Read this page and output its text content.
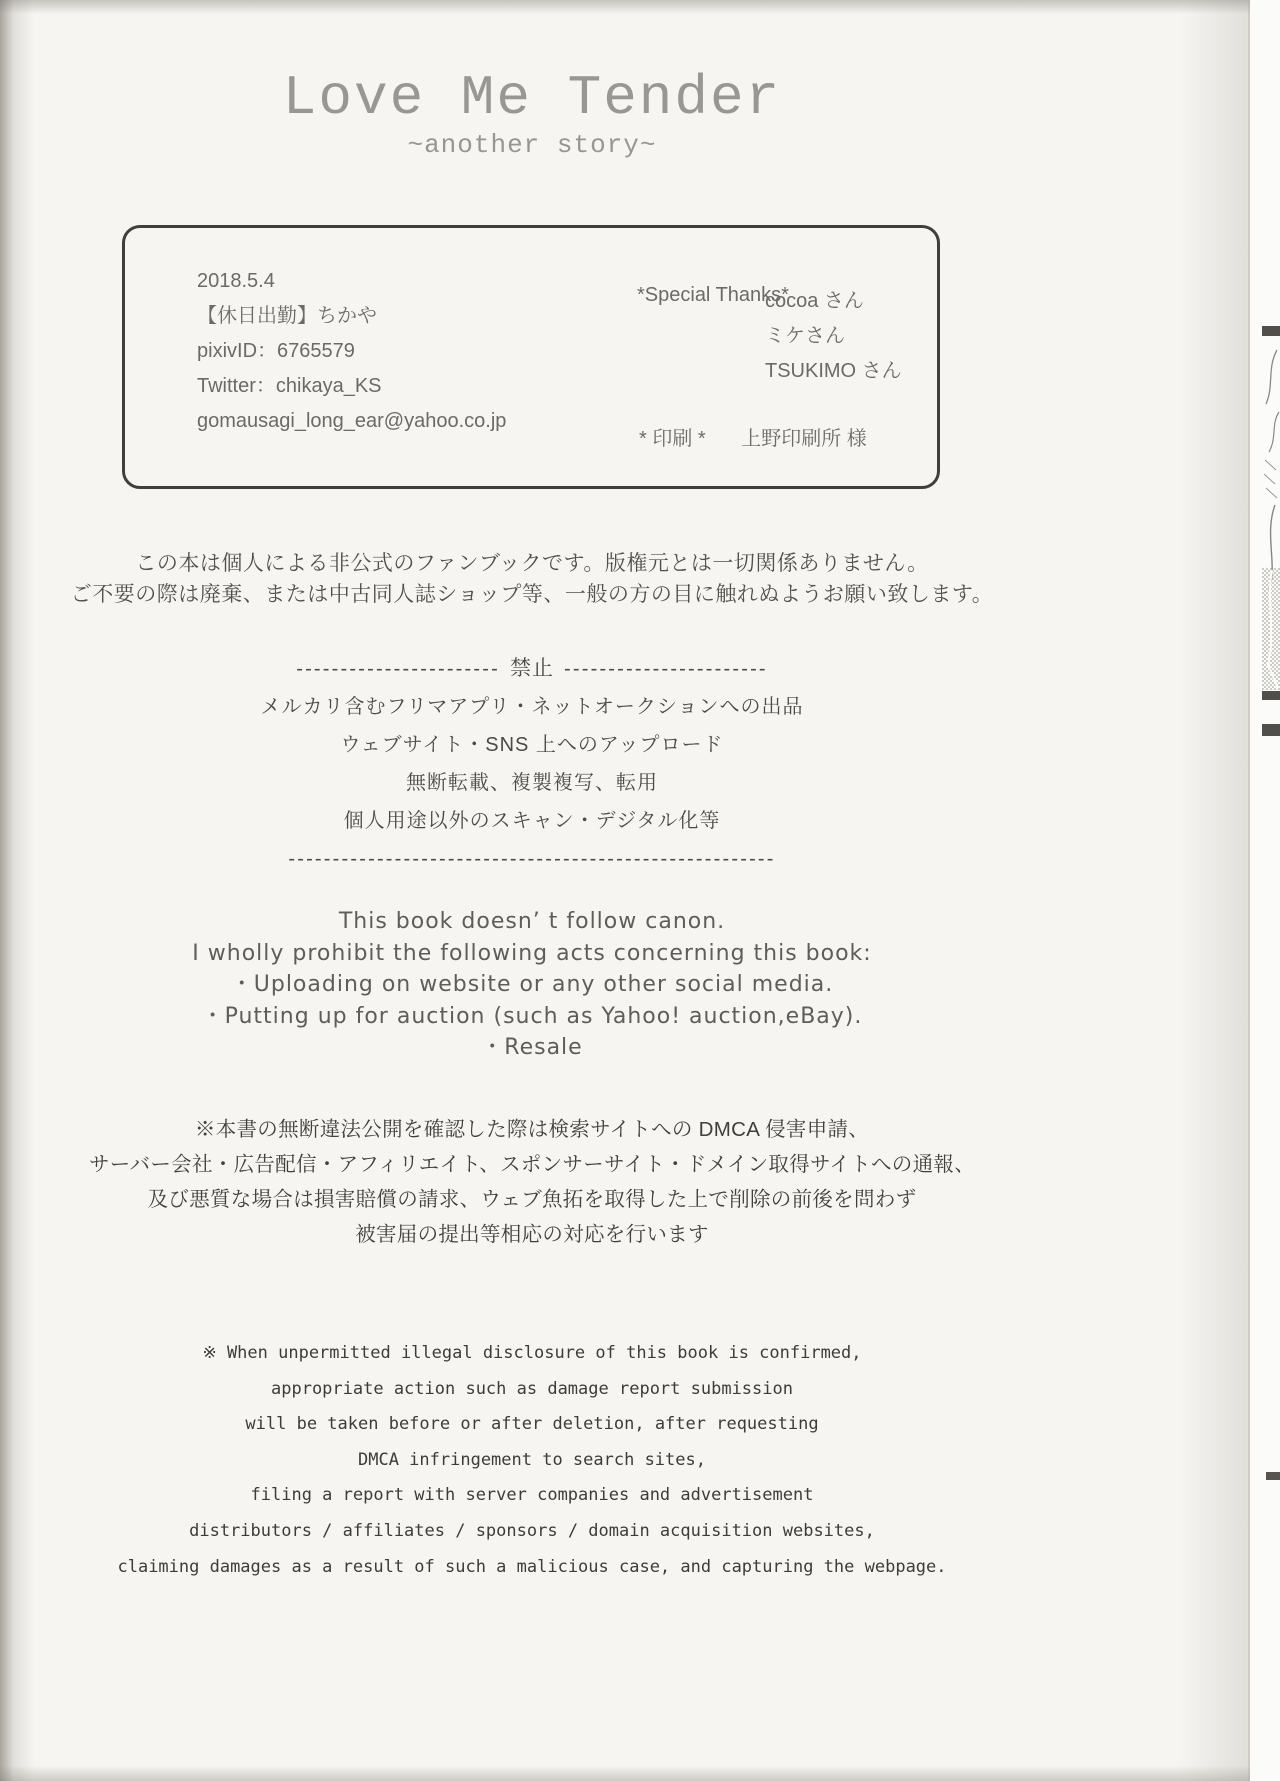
Love Me Tender
~another story~
2018.5.4
【休日出勤】ちかや
pixivID：6765579
Twitter：chikaya_KS
gomausagi_long_ear@yahoo.co.jp
*Special Thanks*
cocoa さん
ミケさん
TSUKIMO さん
* 印刷 * 上野印刷所 様
この本は個人による非公式のファンブックです。版権元とは一切関係ありません。
ご不要の際は廃棄、または中古同人誌ショップ等、一般の方の目に触れぬようお願い致します。
----------------------- 禁止 -----------------------
メルカリ含むフリマアプリ・ネットオークションへの出品
ウェブサイト・SNS 上へのアップロード
無断転載、複製複写、転用
個人用途以外のスキャン・デジタル化等
-------------------------------------------------------
This book doesn’ t follow canon.
I wholly prohibit the following acts concerning this book:
・Uploading on website or any other social media.
・Putting up for auction (such as Yahoo! auction,eBay).
・Resale
※本書の無断違法公開を確認した際は検索サイトへの DMCA 侵害申請、
サーバー会社・広告配信・アフィリエイト、スポンサーサイト・ドメイン取得サイトへの通報、
及び悪質な場合は損害賠償の請求、ウェブ魚拓を取得した上で削除の前後を問わず
被害届の提出等相応の対応を行います
※ When unpermitted illegal disclosure of this book is confirmed,
appropriate action such as damage report submission
will be taken before or after deletion, after requesting
DMCA infringement to search sites,
filing a report with server companies and advertisement
distributors / affiliates / sponsors / domain acquisition websites,
claiming damages as a result of such a malicious case, and capturing the webpage.
